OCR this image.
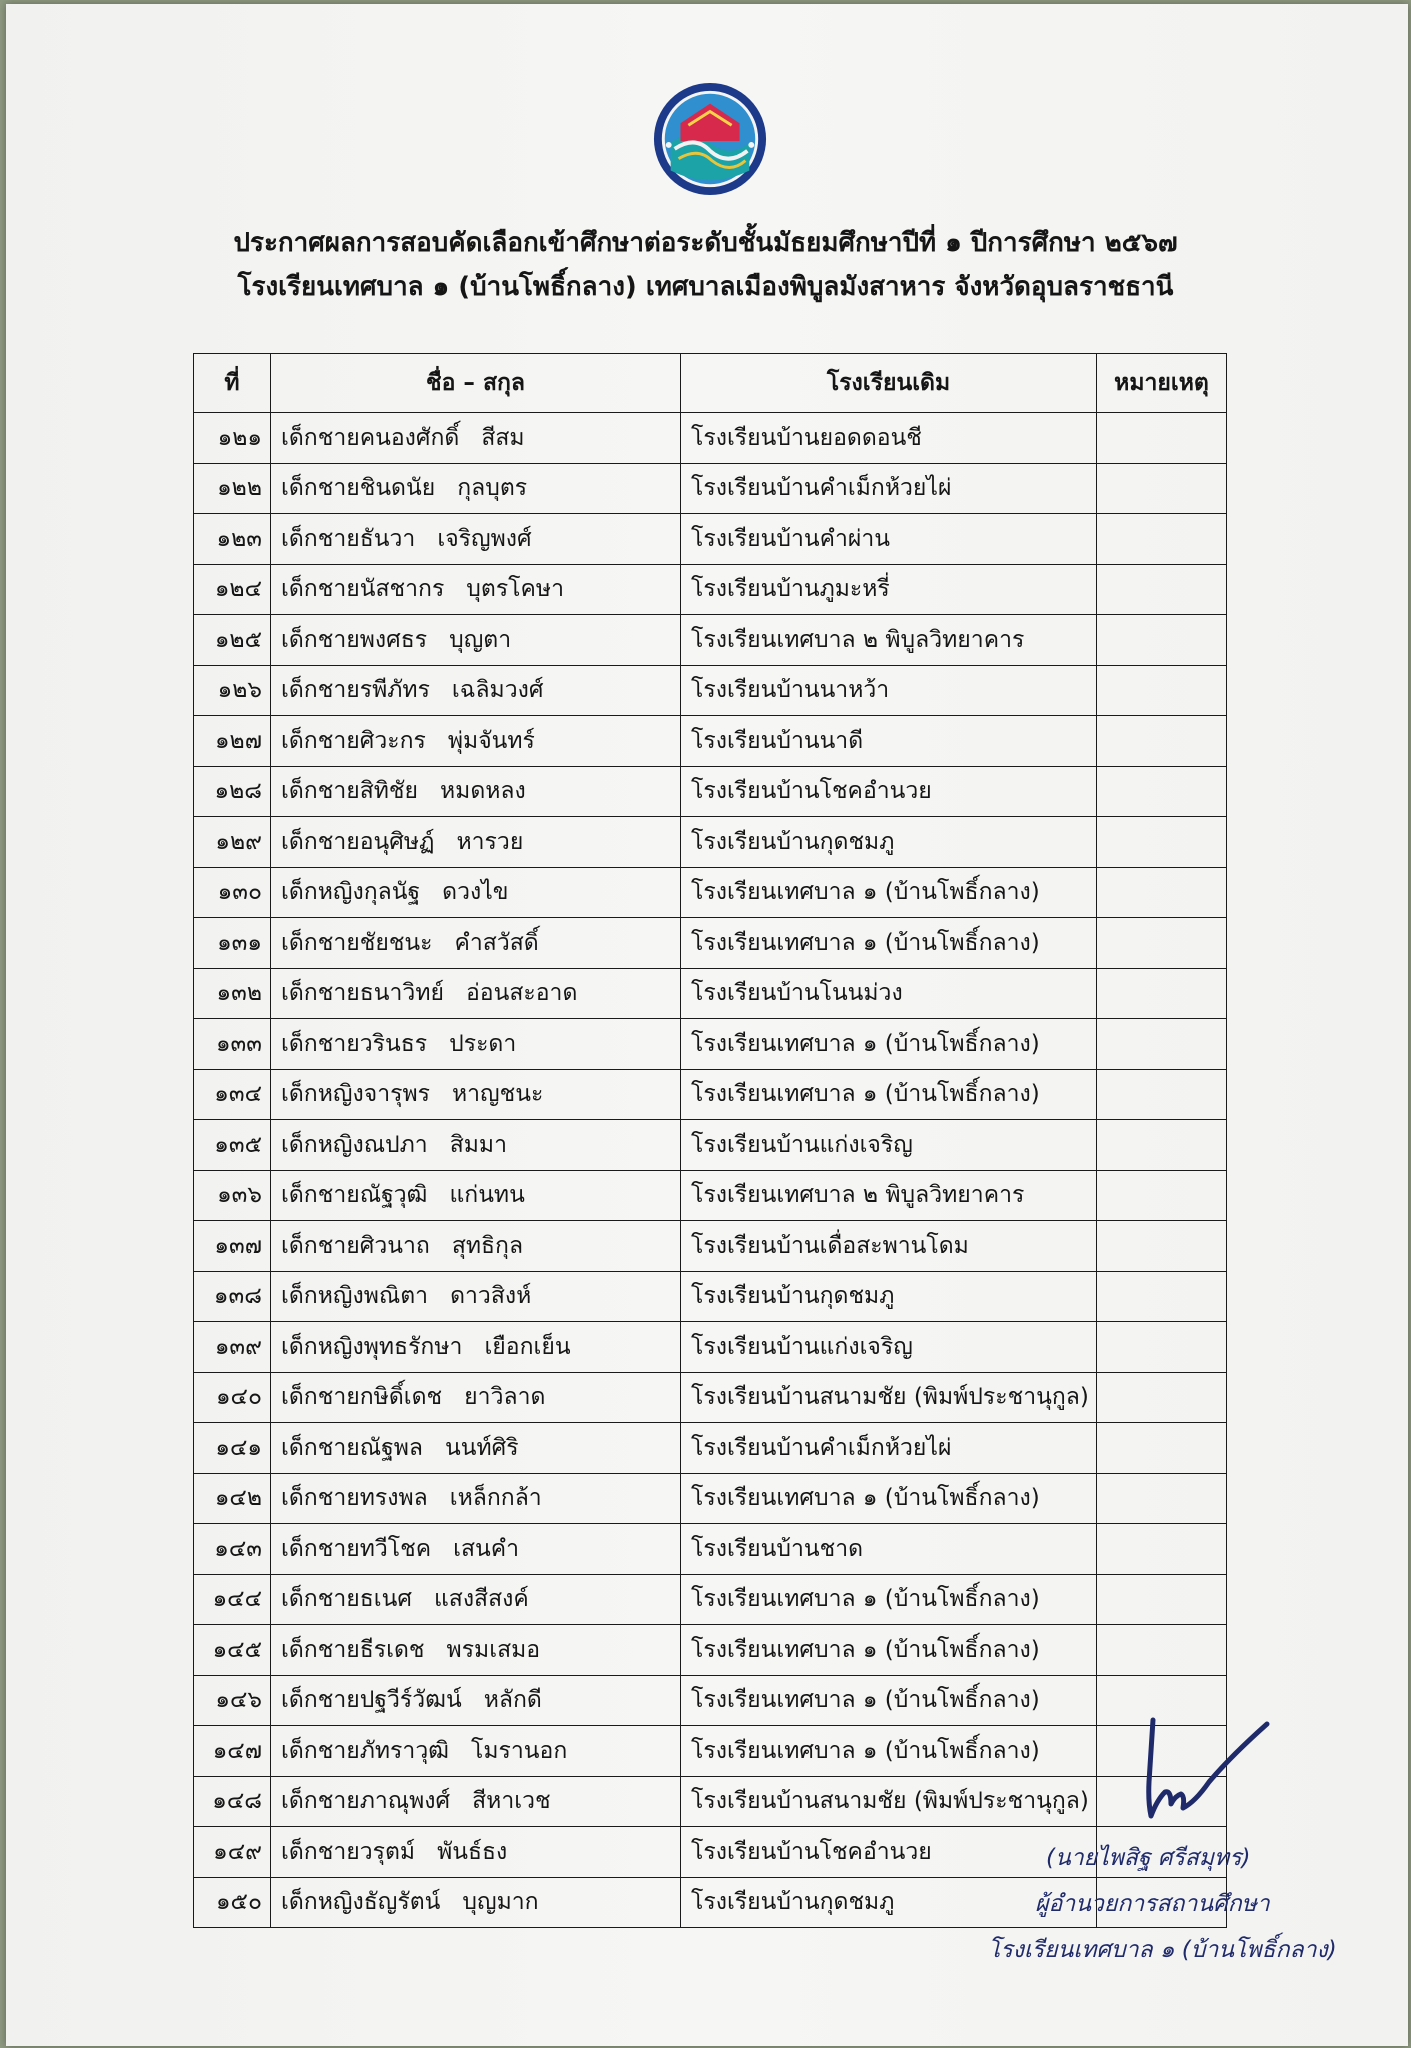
ประกาศผลการสอบคัดเลือกเข้าศึกษาต่อระดับชั้นมัธยมศึกษาปีที่ ๑ ปีการศึกษา ๒๕๖๗
โรงเรียนเทศบาล ๑ (บ้านโพธิ์กลาง) เทศบาลเมืองพิบูลมังสาหาร จังหวัดอุบลราชธานี
ที่	ชื่อ – สกุล	โรงเรียนเดิม	หมายเหตุ
๑๒๑	เด็กชายคนองศักดิ์ สีสม	โรงเรียนบ้านยอดดอนชี	
๑๒๒	เด็กชายชินดนัย กุลบุตร	โรงเรียนบ้านคำเม็กห้วยไผ่	
๑๒๓	เด็กชายธันวา เจริญพงศ์	โรงเรียนบ้านคำผ่าน	
๑๒๔	เด็กชายนัสชากร บุตรโคษา	โรงเรียนบ้านภูมะหรี่	
๑๒๕	เด็กชายพงศธร บุญตา	โรงเรียนเทศบาล ๒ พิบูลวิทยาคาร	
๑๒๖	เด็กชายรพีภัทร เฉลิมวงศ์	โรงเรียนบ้านนาหว้า	
๑๒๗	เด็กชายศิวะกร พุ่มจันทร์	โรงเรียนบ้านนาดี	
๑๒๘	เด็กชายสิทิชัย หมดหลง	โรงเรียนบ้านโชคอำนวย	
๑๒๙	เด็กชายอนุศิษฏ์ หารวย	โรงเรียนบ้านกุดชมภู	
๑๓๐	เด็กหญิงกุลนัฐ ดวงไข	โรงเรียนเทศบาล ๑ (บ้านโพธิ์กลาง)	
๑๓๑	เด็กชายชัยชนะ คำสวัสดิ์	โรงเรียนเทศบาล ๑ (บ้านโพธิ์กลาง)	
๑๓๒	เด็กชายธนาวิทย์ อ่อนสะอาด	โรงเรียนบ้านโนนม่วง	
๑๓๓	เด็กชายวรินธร ประดา	โรงเรียนเทศบาล ๑ (บ้านโพธิ์กลาง)	
๑๓๔	เด็กหญิงจารุพร หาญชนะ	โรงเรียนเทศบาล ๑ (บ้านโพธิ์กลาง)	
๑๓๕	เด็กหญิงณปภา สิมมา	โรงเรียนบ้านแก่งเจริญ	
๑๓๖	เด็กชายณัฐวุฒิ แก่นทน	โรงเรียนเทศบาล ๒ พิบูลวิทยาคาร	
๑๓๗	เด็กชายศิวนาถ สุทธิกุล	โรงเรียนบ้านเดื่อสะพานโดม	
๑๓๘	เด็กหญิงพณิตา ดาวสิงห์	โรงเรียนบ้านกุดชมภู	
๑๓๙	เด็กหญิงพุทธรักษา เยือกเย็น	โรงเรียนบ้านแก่งเจริญ	
๑๔๐	เด็กชายกษิดิ์เดช ยาวิลาด	โรงเรียนบ้านสนามชัย (พิมพ์ประชานุกูล)	
๑๔๑	เด็กชายณัฐพล นนท์ศิริ	โรงเรียนบ้านคำเม็กห้วยไผ่	
๑๔๒	เด็กชายทรงพล เหล็กกล้า	โรงเรียนเทศบาล ๑ (บ้านโพธิ์กลาง)	
๑๔๓	เด็กชายทวีโชค เสนคำ	โรงเรียนบ้านชาด	
๑๔๔	เด็กชายธเนศ แสงสีสงค์	โรงเรียนเทศบาล ๑ (บ้านโพธิ์กลาง)	
๑๔๕	เด็กชายธีรเดช พรมเสมอ	โรงเรียนเทศบาล ๑ (บ้านโพธิ์กลาง)	
๑๔๖	เด็กชายปฐวีร์วัฒน์ หลักดี	โรงเรียนเทศบาล ๑ (บ้านโพธิ์กลาง)	
๑๔๗	เด็กชายภัทราวุฒิ โมรานอก	โรงเรียนเทศบาล ๑ (บ้านโพธิ์กลาง)	
๑๔๘	เด็กชายภาณุพงศ์ สีหาเวช	โรงเรียนบ้านสนามชัย (พิมพ์ประชานุกูล)	
๑๔๙	เด็กชายวรุตม์ พันธ์ธง	โรงเรียนบ้านโชคอำนวย	
๑๕๐	เด็กหญิงธัญรัตน์ บุญมาก	โรงเรียนบ้านกุดชมภู	
(นายไพสิฐ ศรีสมุทร)
ผู้อำนวยการสถานศึกษา
โรงเรียนเทศบาล ๑ (บ้านโพธิ์กลาง)
